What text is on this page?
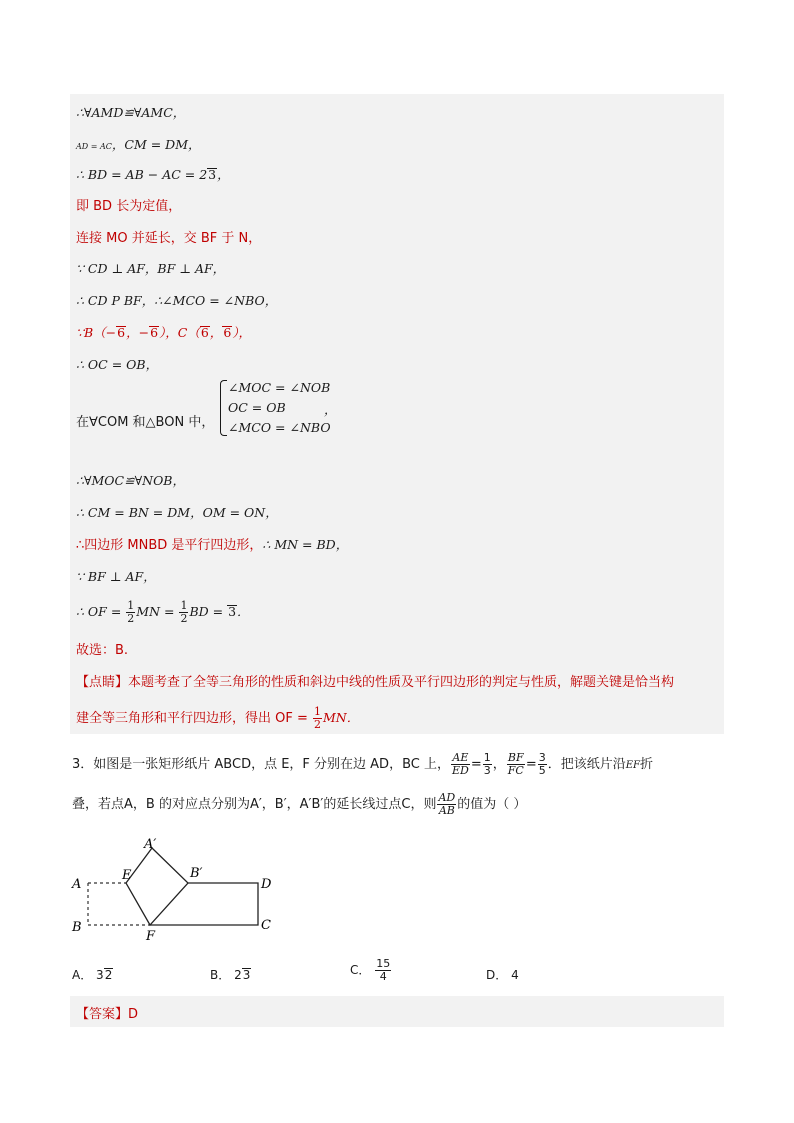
∴∀AMD≌∀AMC，
AD = AC，CM = DM，
∴ BD = AB − AC = 23，
即 BD 长为定值，
连接 MO 并延长，交 BF 于 N，
∵ CD ⊥ AF，BF ⊥ AF，
∴ CD P BF，∴∠MCO = ∠NBO，
∵B（−6，−6），C（6，6），
∴ OC = OB，
在∀COM 和△BON 中，
∠MOC = ∠NOB
OC = OB
∠MCO = ∠NBO
，
∴∀MOC≌∀NOB，
∴ CM = BN = DM，OM = ON，
∴四边形 MNBD 是平行四边形，∴ MN = BD，
∵ BF ⊥ AF，
∴ OF = $\frac{1}{2}$ MN = $\frac{1}{2}$ BD = 3．
故选：B.
【点睛】本题考查了全等三角形的性质和斜边中线的性质及平行四边形的判定与性质，解题关键是恰当构
建全等三角形和平行四边形，得出 OF = $\frac{1}{2}$ MN．
3．如图是一张矩形纸片 ABCD，点 E，F 分别在边 AD，BC 上， $\frac{AE}{ED} = \frac{1}{3}$ ， $\frac{BF}{FC} = \frac{3}{5}$ ．把该纸片沿EF折
叠，若点A，B 的对应点分别为A′，B′，A′B′的延长线过点C，则 $\frac{AD}{AB}$ 的值为（ ）
A′
E	B′
D
A
B
F
C
A． 32	B． 23	C． $\frac{15}{4}$	D． 4
【答案】D
